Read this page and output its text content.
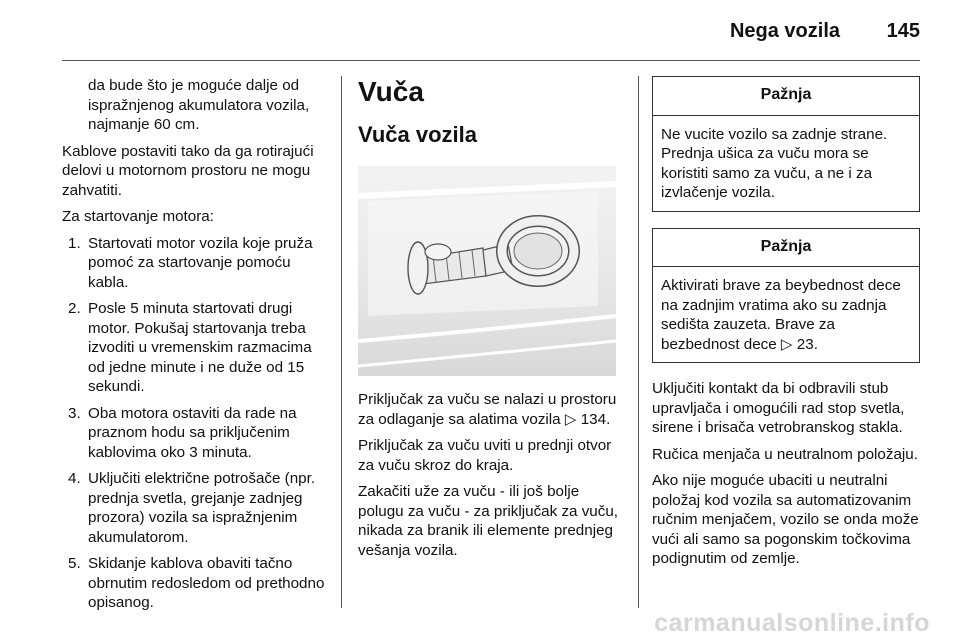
Nega vozila 145

da bude što je moguće dalje od ispražnjenog akumulatora vozila, najmanje 60 cm.

Kablove postaviti tako da ga rotirajući delovi u motornom prostoru ne mogu zahvatiti.

Za startovanje motora:

1. Startovati motor vozila koje pruža pomoć za startovanje pomoću kabla.
2. Posle 5 minuta startovati drugi motor. Pokušaj startovanja treba izvoditi u vremenskim razmacima od jedne minute i ne duže od 15 sekundi.
3. Oba motora ostaviti da rade na praznom hodu sa priključenim kablovima oko 3 minuta.
4. Uključiti električne potrošače (npr. prednja svetla, grejanje zadnjeg prozora) vozila sa ispražnjenim akumulatorom.
5. Skidanje kablova obaviti tačno obrnutim redosledom od prethodno opisanog.
Vuča
Vuča vozila

Priključak za vuču se nalazi u prostoru za odlaganje sa alatima vozila ▷ 134.

Priključak za vuču uviti u prednji otvor za vuču skroz do kraja.

Zakačiti uže za vuču - ili još bolje polugu za vuču - za priključak za vuču, nikada za branik ili elemente prednjeg vešanja vozila.

Pažnja
Ne vucite vozilo sa zadnje strane. Prednja ušica za vuču mora se koristiti samo za vuču, a ne i za izvlačenje vozila.
Pažnja
Aktivirati brave za beybednost dece na zadnjim vratima ako su zadnja sedišta zauzeta. Brave za bezbednost dece ▷ 23.

Uključiti kontakt da bi odbravili stub upravljača i omogućili rad stop svetla, sirene i brisača vetrobranskog stakla.

Ručica menjača u neutralnom položaju.

Ako nije moguće ubaciti u neutralni položaj kod vozila sa automatizovanim ručnim menjačem, vozilo se onda može vući ali samo sa pogonskim točkovima podignutim od zemlje.

carmanualsonline.info
